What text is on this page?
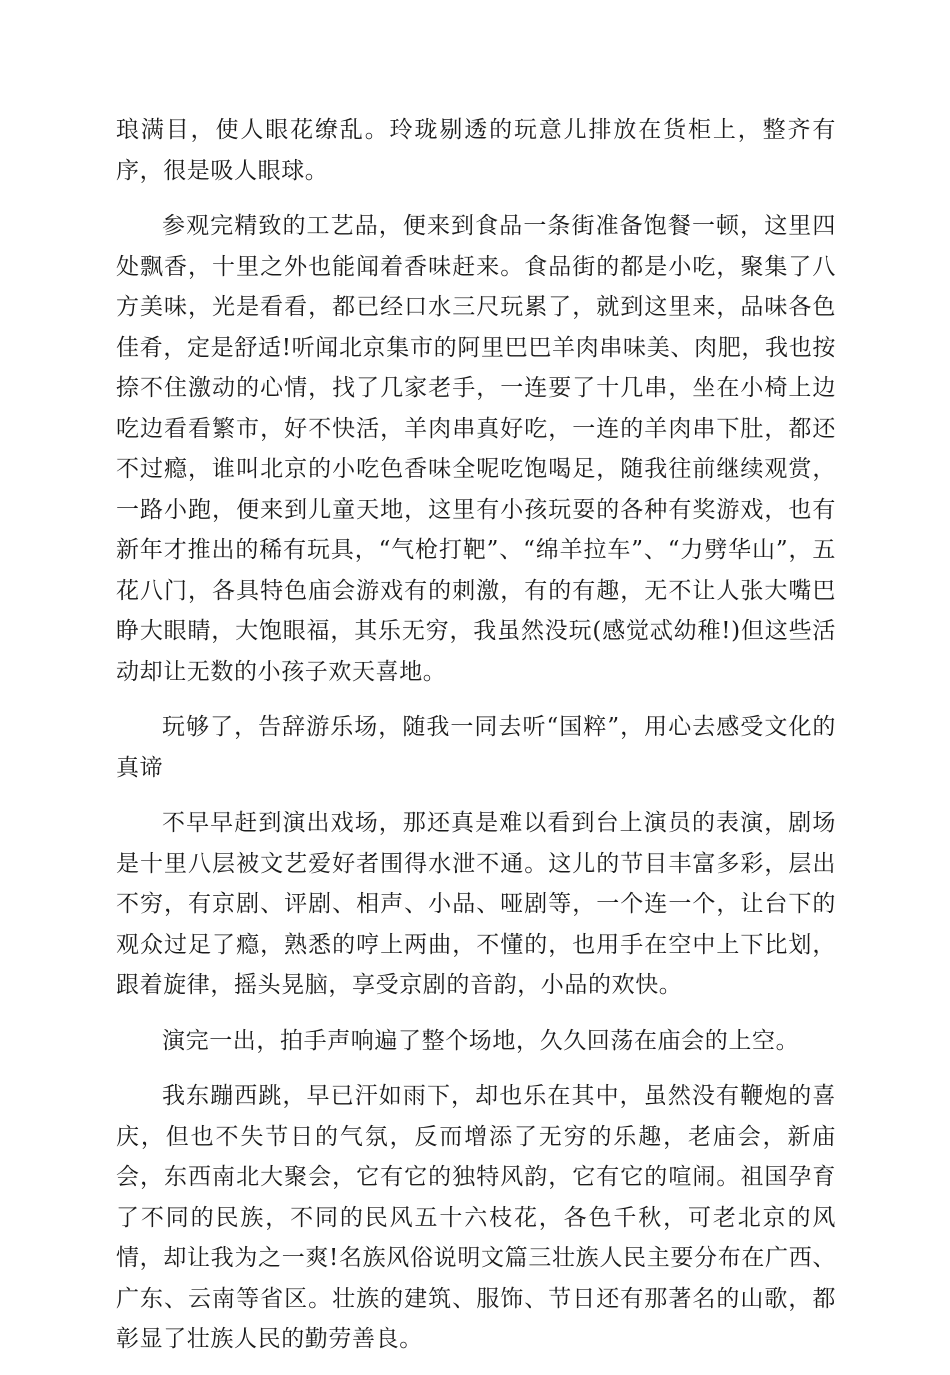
琅满目，使人眼花缭乱。玲珑剔透的玩意儿排放在货柜上，整齐有序，很是吸人眼球。

参观完精致的工艺品，便来到食品一条街准备饱餐一顿，这里四处飘香，十里之外也能闻着香味赶来。食品街的都是小吃，聚集了八方美味，光是看看，都已经口水三尺玩累了，就到这里来，品味各色佳肴，定是舒适!听闻北京集市的阿里巴巴羊肉串味美、肉肥，我也按捺不住激动的心情，找了几家老手，一连要了十几串，坐在小椅上边吃边看看繁市，好不快活，羊肉串真好吃，一连的羊肉串下肚，都还不过瘾，谁叫北京的小吃色香味全呢吃饱喝足，随我往前继续观赏，一路小跑，便来到儿童天地，这里有小孩玩耍的各种有奖游戏，也有新年才推出的稀有玩具，“气枪打靶”、“绵羊拉车”、“力劈华山”，五花八门，各具特色庙会游戏有的刺激，有的有趣，无不让人张大嘴巴睁大眼睛，大饱眼福，其乐无穷，我虽然没玩(感觉忒幼稚!)但这些活动却让无数的小孩子欢天喜地。

玩够了，告辞游乐场，随我一同去听“国粹”，用心去感受文化的真谛

不早早赶到演出戏场，那还真是难以看到台上演员的表演，剧场是十里八层被文艺爱好者围得水泄不通。这儿的节目丰富多彩，层出不穷，有京剧、评剧、相声、小品、哑剧等，一个连一个，让台下的观众过足了瘾，熟悉的哼上两曲，不懂的，也用手在空中上下比划，跟着旋律，摇头晃脑，享受京剧的音韵，小品的欢快。

演完一出，拍手声响遍了整个场地，久久回荡在庙会的上空。

我东蹦西跳，早已汗如雨下，却也乐在其中，虽然没有鞭炮的喜庆，但也不失节日的气氛，反而增添了无穷的乐趣，老庙会，新庙会，东西南北大聚会，它有它的独特风韵，它有它的喧闹。祖国孕育了不同的民族，不同的民风五十六枝花，各色千秋，可老北京的风情，却让我为之一爽!名族风俗说明文篇三壮族人民主要分布在广西、广东、云南等省区。壮族的建筑、服饰、节日还有那著名的山歌，都彰显了壮族人民的勤劳善良。
